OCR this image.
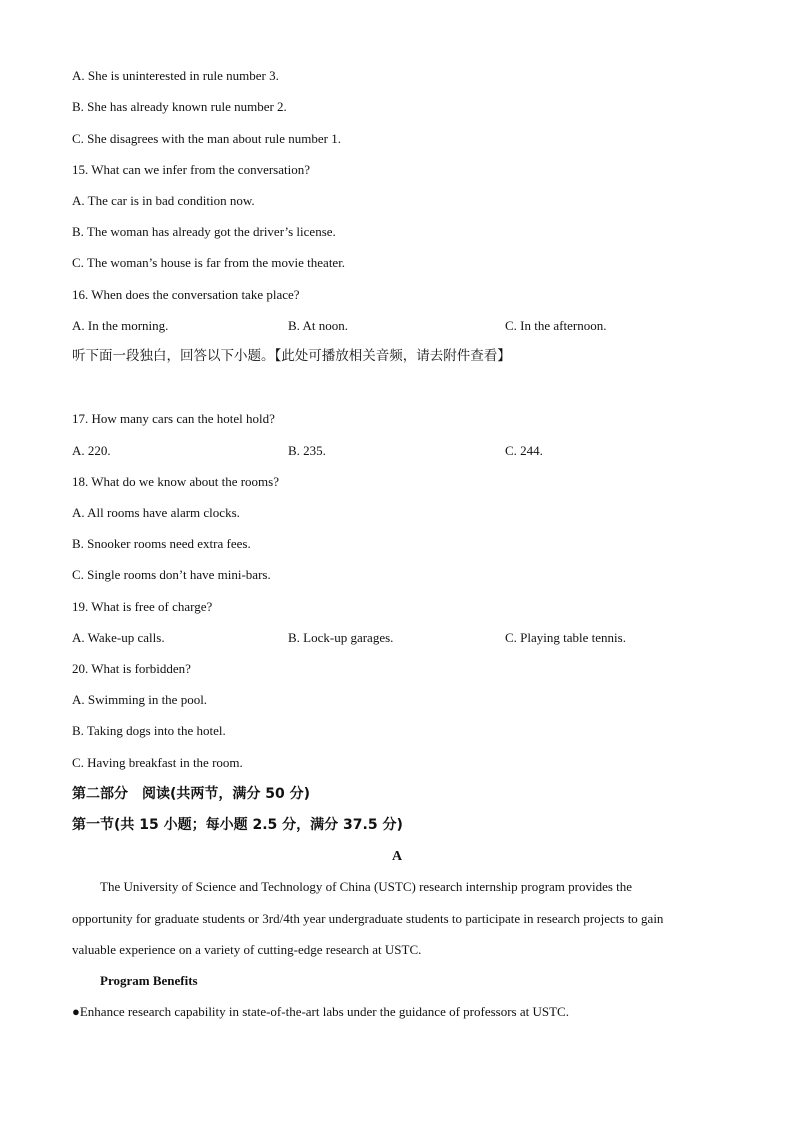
A. She is uninterested in rule number 3.
B. She has already known rule number 2.
C. She disagrees with the man about rule number 1.
15. What can we infer from the conversation?
A. The car is in bad condition now.
B. The woman has already got the driver’s license.
C. The woman’s house is far from the movie theater.
16. When does the conversation take place?
A. In the morning.	B. At noon.	C. In the afternoon.
听下面一段独白，回答以下小题。【此处可播放相关音频，请去附件查看】
17. How many cars can the hotel hold?
A. 220.	B. 235.	C. 244.
18. What do we know about the rooms?
A. All rooms have alarm clocks.
B. Snooker rooms need extra fees.
C. Single rooms don’t have mini-bars.
19. What is free of charge?
A. Wake-up calls.	B. Lock-up garages.	C. Playing table tennis.
20. What is forbidden?
A. Swimming in the pool.
B. Taking dogs into the hotel.
C. Having breakfast in the room.
第二部分　阅读(共两节，满分 50 分)
第一节(共 15 小题；每小题 2.5 分，满分 37.5 分)
A
The University of Science and Technology of China (USTC) research internship program provides the
opportunity for graduate students or 3rd/4th year undergraduate students to participate in research projects to gain
valuable experience on a variety of cutting-edge research at USTC.
Program Benefits
●Enhance research capability in state-of-the-art labs under the guidance of professors at USTC.
